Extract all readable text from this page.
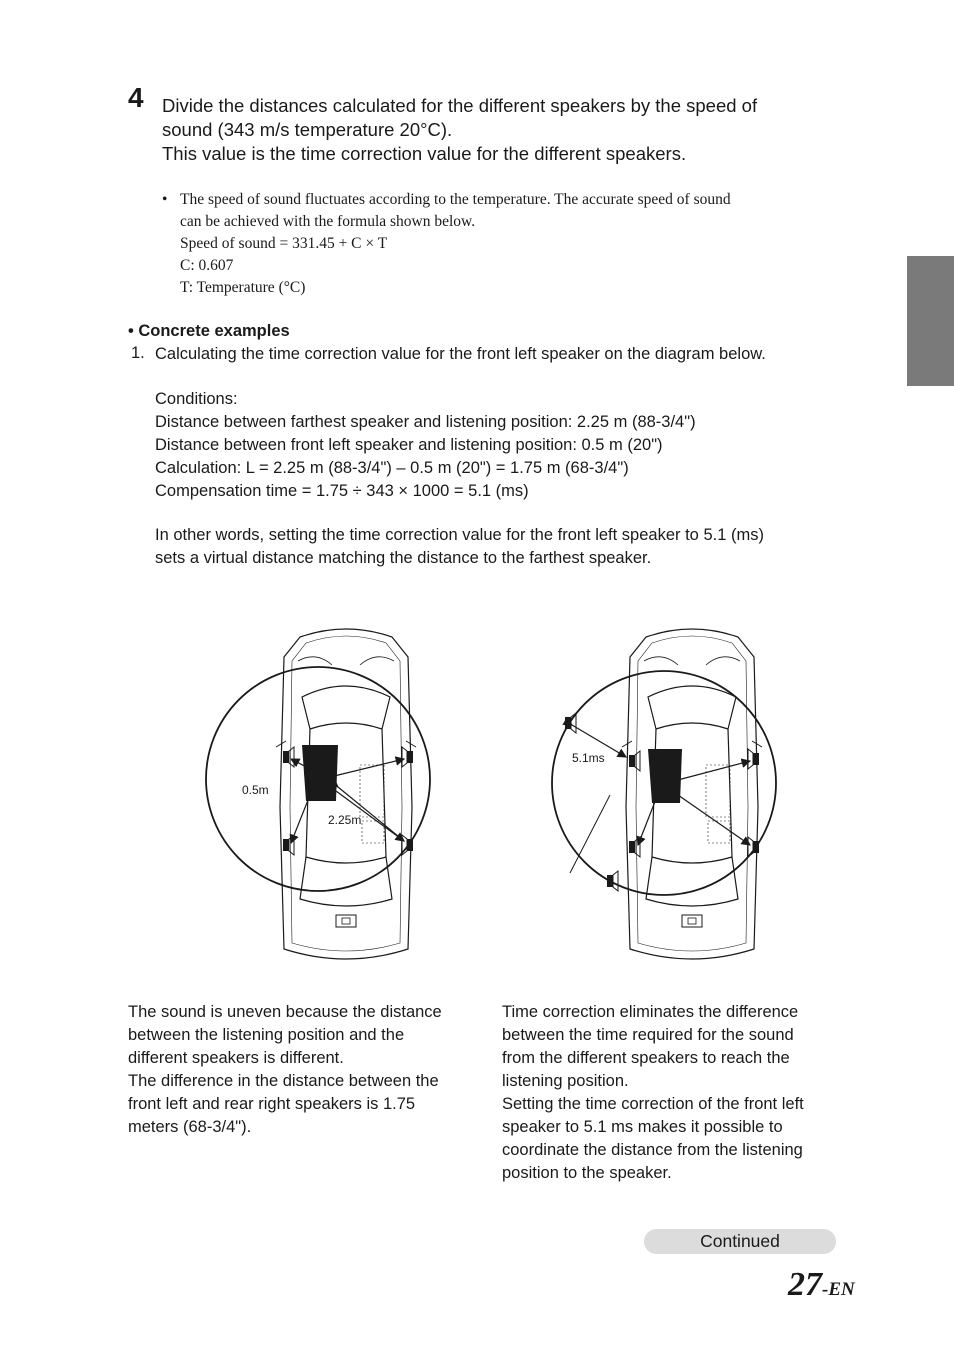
4 Divide the distances calculated for the different speakers by the speed of
sound (343 m/s temperature 20°C).
This value is the time correction value for the different speakers.
• The speed of sound fluctuates according to the temperature. The accurate speed of sound
can be achieved with the formula shown below.
Speed of sound = 331.45 + C × T
C: 0.607
T: Temperature (°C)
• Concrete examples
1. Calculating the time correction value for the front left speaker on the diagram below.
Conditions:
Distance between farthest speaker and listening position: 2.25 m (88-3/4")
Distance between front left speaker and listening position: 0.5 m (20")
Calculation: L = 2.25 m (88-3/4") – 0.5 m (20") = 1.75 m (68-3/4")
Compensation time = 1.75 ÷ 343 × 1000 = 5.1 (ms)
In other words, setting the time correction value for the front left speaker to 5.1 (ms)
sets a virtual distance matching the distance to the farthest speaker.
0.5m
2.25m
5.1ms
The sound is uneven because the distance
between the listening position and the
different speakers is different.
The difference in the distance between the
front left and rear right speakers is 1.75
meters (68-3/4").
Time correction eliminates the difference
between the time required for the sound
from the different speakers to reach the
listening position.
Setting the time correction of the front left
speaker to 5.1 ms makes it possible to
coordinate the distance from the listening
position to the speaker.
Continued
27-EN
